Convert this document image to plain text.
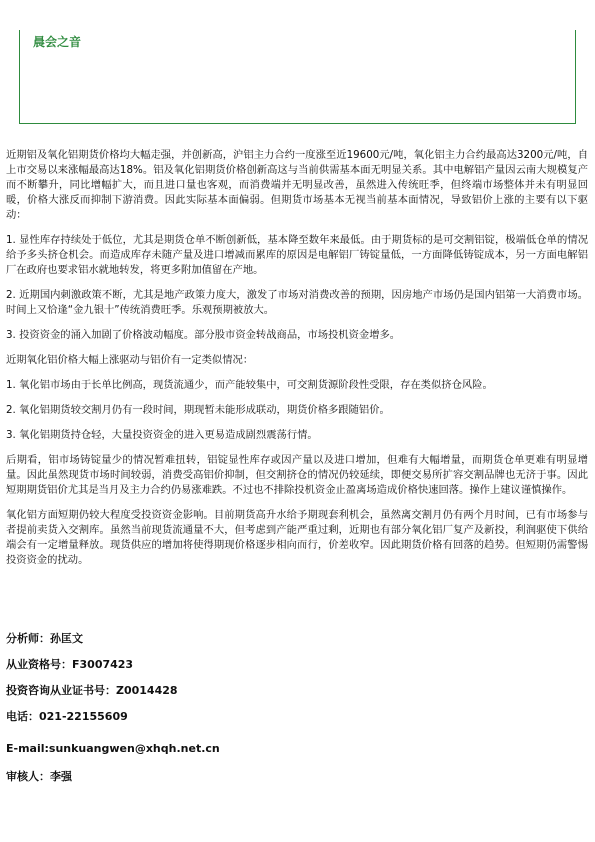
晨会之音

近期铝及氧化铝期货价格均大幅走强，并创新高，沪铝主力合约一度涨至近19600元/吨，氧化铝主力合约最高达3200元/吨，自上市交易以来涨幅最高达18%。铝及氧化铝期货价格创新高这与当前供需基本面无明显关系。其中电解铝产量因云南大规模复产而不断攀升，同比增幅扩大，而且进口量也客观，而消费端并无明显改善，虽然进入传统旺季，但终端市场整体并未有明显回暖，价格大涨反而抑制下游消费。因此实际基本面偏弱。但期货市场基本无视当前基本面情况，导致铝价上涨的主要有以下驱动：

1. 显性库存持续处于低位，尤其是期货仓单不断创新低，基本降至数年来最低。由于期货标的是可交割铝锭，极端低仓单的情况给予多头挤仓机会。而造成库存未随产量及进口增减而累库的原因是电解铝厂铸锭量低，一方面降低铸锭成本，另一方面电解铝厂在政府也要求铝水就地转发，将更多附加值留在产地。

2. 近期国内刺激政策不断，尤其是地产政策力度大，激发了市场对消费改善的预期，因房地产市场仍是国内铝第一大消费市场。时间上又恰逢“金九银十”传统消费旺季。乐观预期被放大。

3. 投资资金的涌入加剧了价格波动幅度。部分股市资金转战商品，市场投机资金增多。

近期氧化铝价格大幅上涨驱动与铝价有一定类似情况：

1. 氧化铝市场由于长单比例高，现货流通少，而产能较集中，可交割货源阶段性受限，存在类似挤仓风险。

2. 氧化铝期货较交割月仍有一段时间，期现暂未能形成联动，期货价格多跟随铝价。

3. 氧化铝期货持仓轻，大量投资资金的进入更易造成剧烈震荡行情。

后期看，铝市场铸锭量少的情况暂难扭转，铝锭显性库存或因产量以及进口增加，但难有大幅增量，而期货仓单更难有明显增量。因此虽然现货市场时间较弱，消费受高铝价抑制，但交割挤仓的情况仍较延续，即便交易所扩容交割品牌也无济于事。因此短期期货铝价尤其是当月及主力合约仍易涨难跌。不过也不排除投机资金止盈离场造成价格快速回落。操作上建议谨慎操作。

氧化铝方面短期仍较大程度受投资资金影响。目前期货高升水给予期现套利机会，虽然离交割月仍有两个月时间，已有市场参与者提前卖货入交割库。虽然当前现货流通量不大，但考虑到产能严重过剩，近期也有部分氧化铝厂复产及新投，利润驱使下供给端会有一定增量释放。现货供应的增加将使得期现价格逐步相向而行，价差收窄。因此期货价格有回落的趋势。但短期仍需警惕投资资金的扰动。

分析师：孙匡文
从业资格号：F3007423
投资咨询从业证书号：Z0014428
电话：021-22155609
E-mail:sunkuangwen@xhqh.net.cn
审核人：李强
